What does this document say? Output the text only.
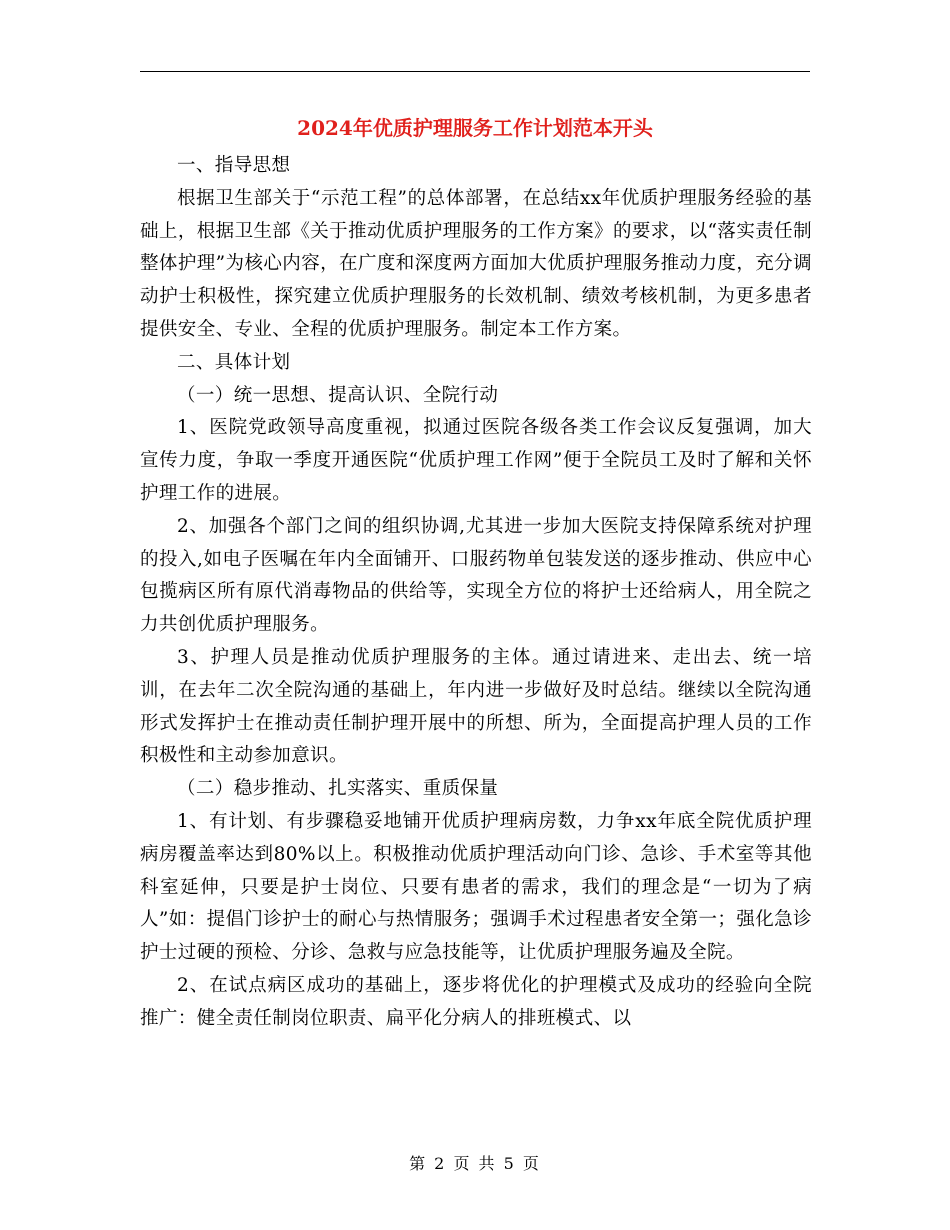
2024年优质护理服务工作计划范本开头

一、指导思想

根据卫生部关于“示范工程”的总体部署，在总结xx年优质护理服务经验的基础上，根据卫生部《关于推动优质护理服务的工作方案》的要求，以“落实责任制整体护理”为核心内容，在广度和深度两方面加大优质护理服务推动力度，充分调动护士积极性，探究建立优质护理服务的长效机制、绩效考核机制，为更多患者提供安全、专业、全程的优质护理服务。制定本工作方案。

二、具体计划

（一）统一思想、提高认识、全院行动

1、医院党政领导高度重视，拟通过医院各级各类工作会议反复强调，加大宣传力度，争取一季度开通医院“优质护理工作网”便于全院员工及时了解和关怀护理工作的进展。

2、加强各个部门之间的组织协调,尤其进一步加大医院支持保障系统对护理的投入,如电子医嘱在年内全面铺开、口服药物单包装发送的逐步推动、供应中心包揽病区所有原代消毒物品的供给等，实现全方位的将护士还给病人，用全院之力共创优质护理服务。

3、护理人员是推动优质护理服务的主体。通过请进来、走出去、统一培训，在去年二次全院沟通的基础上，年内进一步做好及时总结。继续以全院沟通形式发挥护士在推动责任制护理开展中的所想、所为，全面提高护理人员的工作积极性和主动参加意识。

（二）稳步推动、扎实落实、重质保量

1、有计划、有步骤稳妥地铺开优质护理病房数，力争xx年底全院优质护理病房覆盖率达到80%以上。积极推动优质护理活动向门诊、急诊、手术室等其他科室延伸，只要是护士岗位、只要有患者的需求，我们的理念是“一切为了病人”如：提倡门诊护士的耐心与热情服务；强调手术过程患者安全第一；强化急诊护士过硬的预检、分诊、急救与应急技能等，让优质护理服务遍及全院。

2、在试点病区成功的基础上，逐步将优化的护理模式及成功的经验向全院推广：健全责任制岗位职责、扁平化分病人的排班模式、以

第 2 页 共 5 页
